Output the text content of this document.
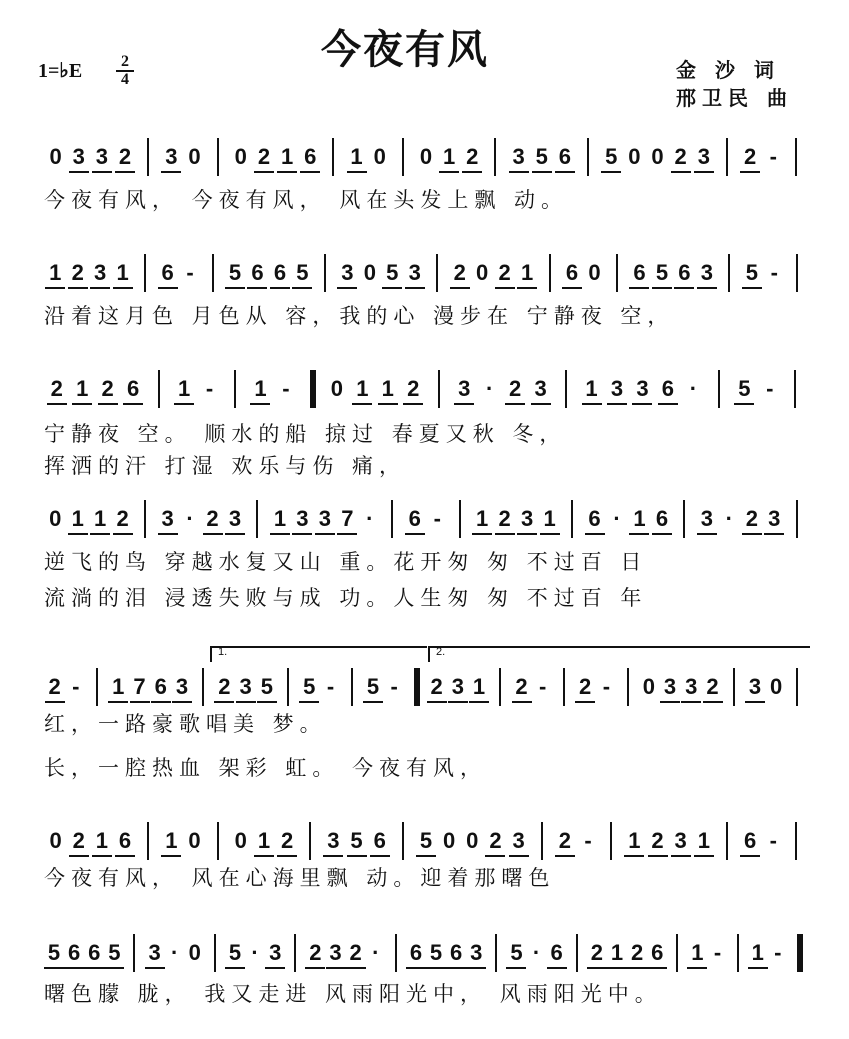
今夜有风
1=♭E	2
4	金 沙 词
邢卫民 曲
0 3 3 2 3 0 0 2 1 6 1 0 0 1 2 3 5 6 5 0 0 2 3 2 -
今夜有风， 今夜有风， 风在头发上飘 动。
1 2 3 1 6 -	5 6 6 5 3 0 5 3 2 0 2 1 6 0 6 5 6 3 5 -
沿着这月色 月色从 容，我的心 漫步在 宁静夜 空，
2 1 2 6 1 -	1 -	0 1 1 2 3 · 2 3 1 3 3 6 ·	5 -
宁静夜 空。 顺水的船 掠过 春夏又秋 冬，
挥洒的汗 打湿 欢乐与伤 痛，
0 1 1 2 3 · 2 3 1 3 3 7 ·	6 -	1 2 3 1 6 · 1 6 3 · 2 3
逆飞的鸟 穿越水复又山 重。花开匆 匆 不过百 日
流淌的泪 浸透失败与成 功。人生匆 匆 不过百 年
2 -	1 7 6 3 2 3 5 5 -	5 -	2 3 1 2 -	2 -	0 3 3 2 3 0
1.	2.
红，一路豪歌唱美 梦。
长，一腔热血 架彩 虹。 今夜有风，
0 2 1 6 1 0 0 1 2 3 5 6 5 0 0 2 3 2 -	1 2 3 1 6 -
今夜有风， 风在心海里飘 动。迎着那曙色
5 6 6 5 3 · 0 5 · 3 2 3 2 ·	6 5 6 3 5 · 6 2 1 2 6 1 -	1 -
曙色朦 胧， 我又走进 风雨阳光中， 风雨阳光中。
